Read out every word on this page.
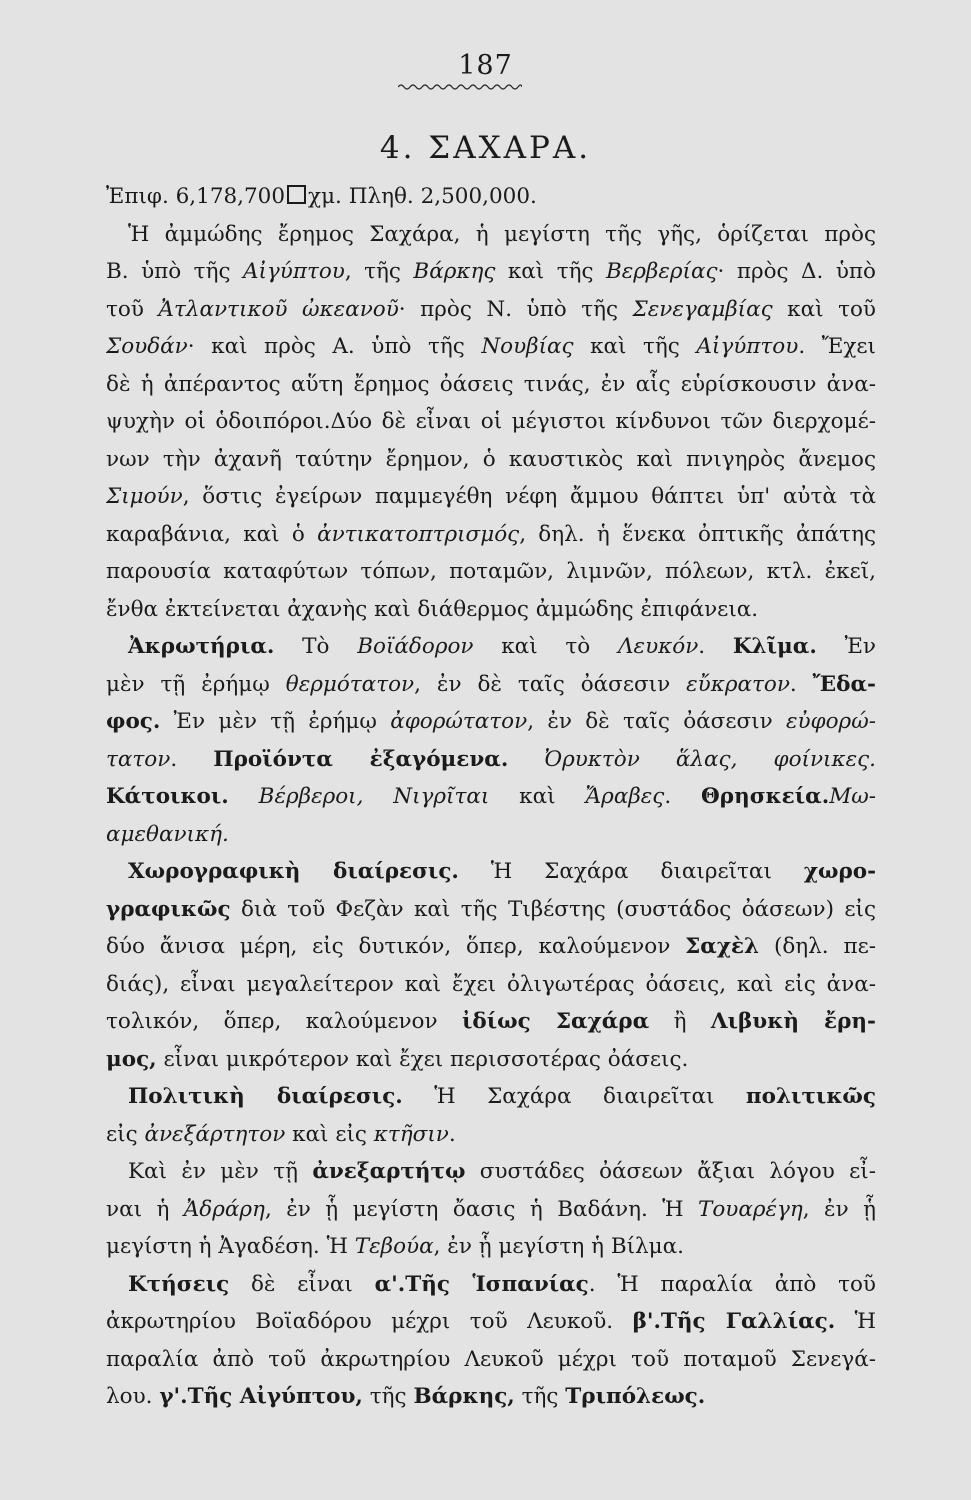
187
4. ΣΑΧΑΡΑ.
Ἐπιφ. 6,178,700 χμ. Πληθ. 2,500,000.
Ἡ ἀμμώδης ἔρημος Σαχάρα, ἡ μεγίστη τῆς γῆς, ὁρίζεται πρὸς
Β. ὑπὸ τῆς Αἰγύπτου, τῆς Βάρκης καὶ τῆς Βερβερίας· πρὸς Δ. ὑπὸ
τοῦ Ἀτλαντικοῦ ὠκεανοῦ· πρὸς Ν. ὑπὸ τῆς Σενεγαμβίας καὶ τοῦ
Σουδάν· καὶ πρὸς Α. ὑπὸ τῆς Νουβίας καὶ τῆς Αἰγύπτου. Ἔχει
δὲ ἡ ἀπέραντος αὕτη ἔρημος ὀάσεις τινάς, ἐν αἷς εὑρίσκουσιν ἀνα-
ψυχὴν οἱ ὁδοιπόροι.Δύο δὲ εἶναι οἱ μέγιστοι κίνδυνοι τῶν διερχομέ-
νων τὴν ἀχανῆ ταύτην ἔρημον, ὁ καυστικὸς καὶ πνιγηρὸς ἄνεμος
Σιμούν, ὅστις ἐγείρων παμμεγέθη νέφη ἄμμου θάπτει ὑπ' αὐτὰ τὰ
καραβάνια, καὶ ὁ ἀντικατοπτρισμός, δηλ. ἡ ἕνεκα ὀπτικῆς ἀπάτης
παρουσία καταφύτων τόπων, ποταμῶν, λιμνῶν, πόλεων, κτλ. ἐκεῖ,
ἔνθα ἐκτείνεται ἀχανὴς καὶ διάθερμος ἀμμώδης ἐπιφάνεια.
Ἀκρωτήρια. Τὸ Βοϊάδορον καὶ τὸ Λευκόν. Κλῖμα. Ἐν
μὲν τῇ ἐρήμῳ θερμότατον, ἐν δὲ ταῖς ὀάσεσιν εὔκρατον. Ἔδα-
φος. Ἐν μὲν τῇ ἐρήμῳ ἀφορώτατον, ἐν δὲ ταῖς ὀάσεσιν εὐφορώ-
τατον. Προϊόντα ἐξαγόμενα. Ὀρυκτὸν ἅλας, φοίνικες.
Κάτοικοι. Βέρβεροι, Νιγρῖται καὶ Ἄραβες. Θρησκεία.Μω-
αμεθανική.
Χωρογραφικὴ διαίρεσις. Ἡ Σαχάρα διαιρεῖται χωρο-
γραφικῶς διὰ τοῦ Φεζὰν καὶ τῆς Τιβέστης (συστάδος ὀάσεων) εἰς
δύο ἄνισα μέρη, εἰς δυτικόν, ὅπερ, καλούμενον Σαχὲλ (δηλ. πε-
διάς), εἶναι μεγαλείτερον καὶ ἔχει ὀλιγωτέρας ὀάσεις, καὶ εἰς ἀνα-
τολικόν, ὅπερ, καλούμενον ἰδίως Σαχάρα ἢ Λιβυκὴ ἔρη-
μος, εἶναι μικρότερον καὶ ἔχει περισσοτέρας ὀάσεις.
Πολιτικὴ διαίρεσις. Ἡ Σαχάρα διαιρεῖται πολιτικῶς
εἰς ἀνεξάρτητον καὶ εἰς κτῆσιν.
Καὶ ἐν μὲν τῇ ἀνεξαρτήτῳ συστάδες ὀάσεων ἄξιαι λόγου εἶ-
ναι ἡ Ἀδράρη, ἐν ᾗ μεγίστη ὄασις ἡ Βαδάνη. Ἡ Τουαρέγη, ἐν ᾗ
μεγίστη ἡ Ἀγαδέση. Ἡ Τεβούα, ἐν ᾗ μεγίστη ἡ Βίλμα.
Κτήσεις δὲ εἶναι α'.Τῆς Ἱσπανίας. Ἡ παραλία ἀπὸ τοῦ
ἀκρωτηρίου Βοϊαδόρου μέχρι τοῦ Λευκοῦ. β'.Τῆς Γαλλίας. Ἡ
παραλία ἀπὸ τοῦ ἀκρωτηρίου Λευκοῦ μέχρι τοῦ ποταμοῦ Σενεγά-
λου. γ'.Τῆς Αἰγύπτου, τῆς Βάρκης, τῆς Τριπόλεως.
